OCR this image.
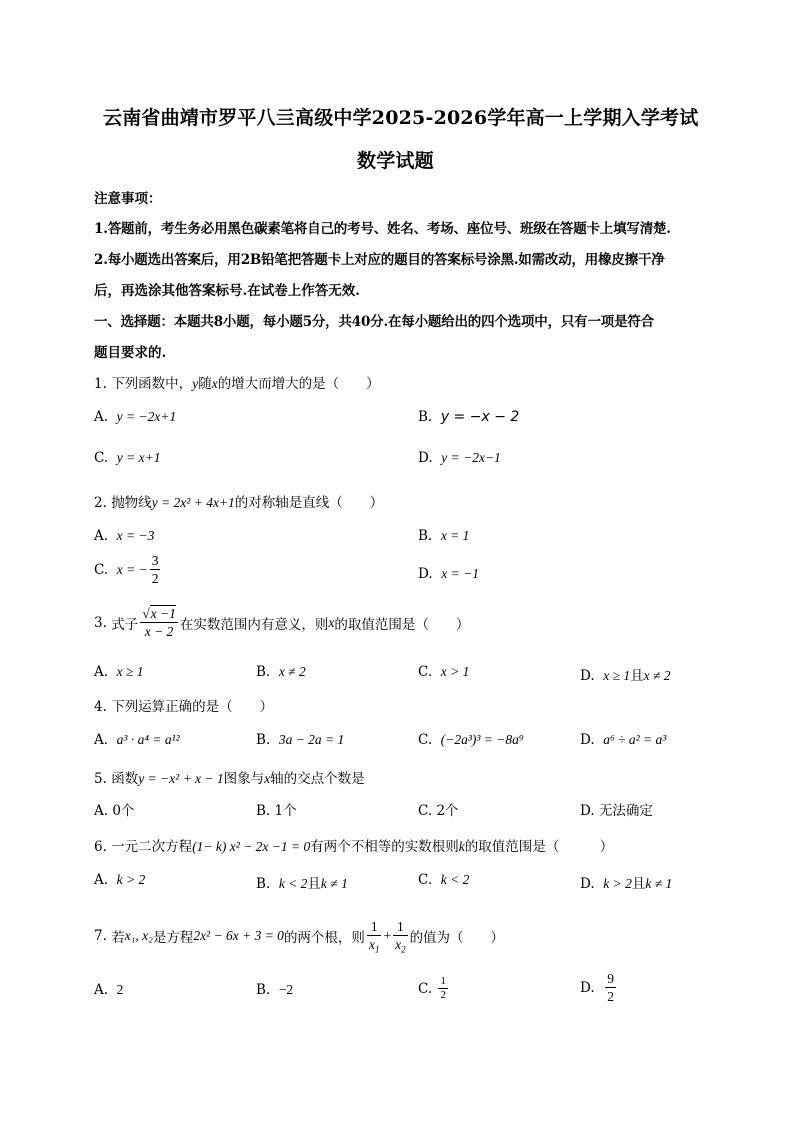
云南省曲靖市罗平八亖高级中学2025-2026学年高一上学期入学考试
数学试题
注意事项：
1.答题前，考生务必用黑色碳素笔将自己的考号、姓名、考场、座位号、班级在答题卡上填写清楚.
2.每小题选出答案后，用2B铅笔把答题卡上对应的题目的答案标号涂黑.如需改动，用橡皮擦干净
后，再选涂其他答案标号.在试卷上作答无效.
一、选择题：本题共8小题，每小题5分，共40分.在每小题给出的四个选项中，只有一项是符合
题目要求的.
1. 下列函数中，y随x的增大而增大的是（　　）
A. y = −2x+1	B. y = −x − 2
C. y = x+1	D. y = −2x−1
2. 抛物线y = 2x² + 4x+1的对称轴是直线（　　）
A. x = −3	B. x = 1
C.
x = − $\frac{3}{2}$	D. x = −1
3.
式子 $\frac{√x -1}{x - 2}$ 在实数范围内有意义，则 x 的取值范围是（　　）
A. x ≥ 1	B. x ≠ 2	C. x > 1	D. x ≥ 1且x ≠ 2
4. 下列运算正确的是（　　）
A. a³ · a⁴ = a¹²	B. 3a − 2a = 1	C. (−2a³)³ = −8a⁹	D. a⁶ ÷ a² = a³
5. 函数y = −x² + x − 1图象与x轴的交点个数是
A. 0个	B. 1个	C. 2个	D. 无法确定
6. 一元二次方程(1− k) x² − 2x −1 = 0有两个不相等的实数根则k的取值范围是（　　　）
A. k > 2	B. k < 2且k ≠ 1	C. k < 2	D. k > 2且k ≠ 1
7.
若 x₁, x₂ 是方程 2x² − 6x + 3 = 0 的两个根，则 $\frac{1}{x_1} + \frac{1}{x_2}$ 的值为（　　）
A. 2	B. −2	C.
$\frac{1}{2}$	D.
$\frac{9}{2}$
